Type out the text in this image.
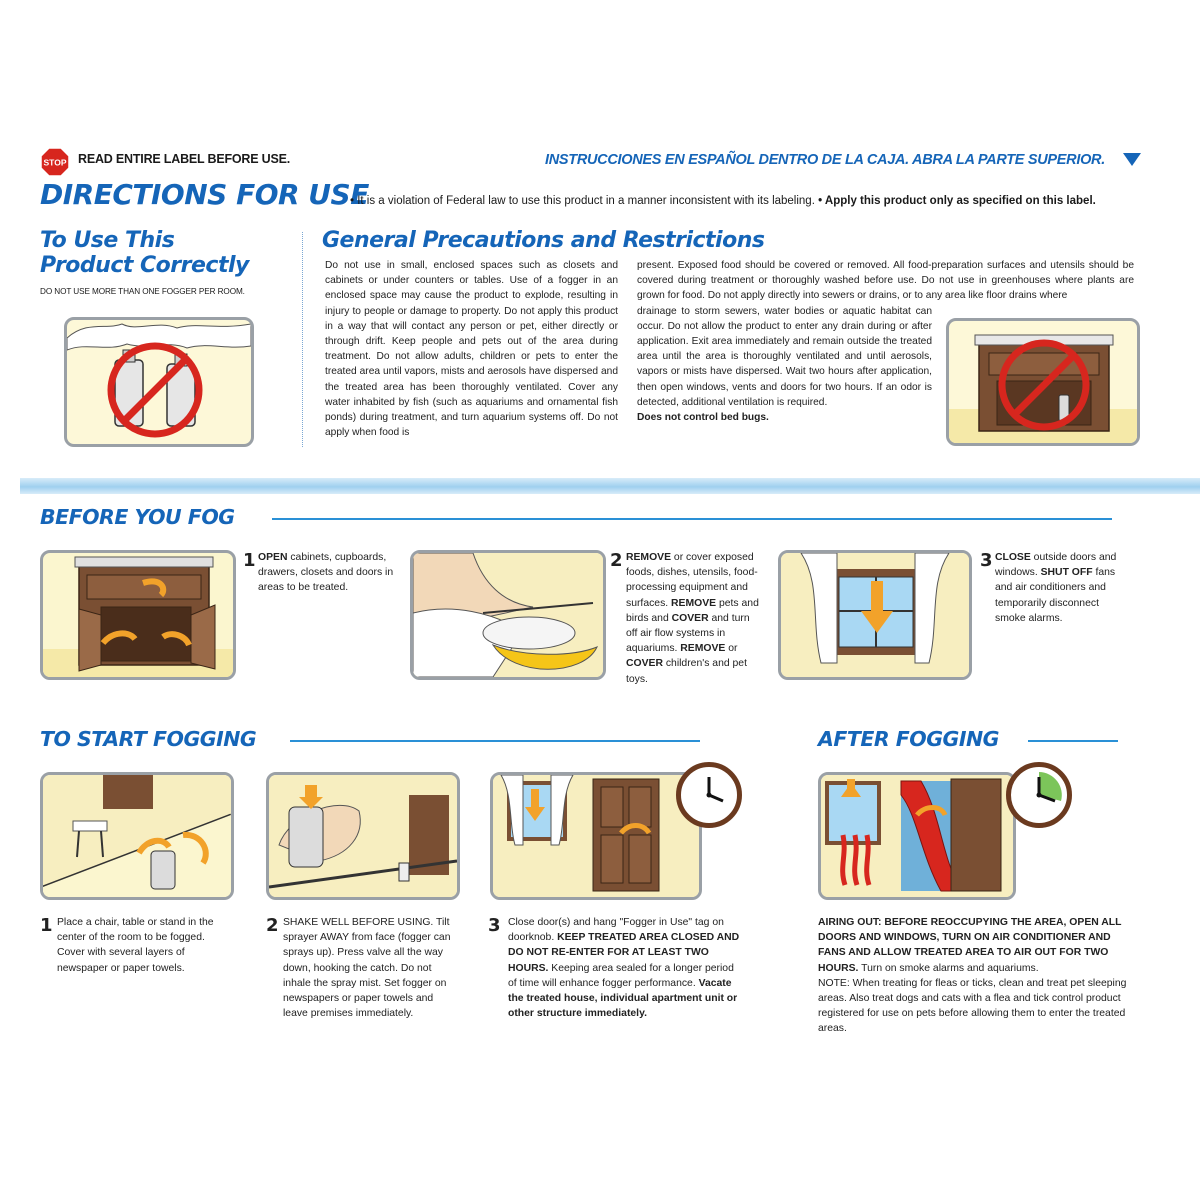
STOP READ ENTIRE LABEL BEFORE USE.	INSTRUCCIONES EN ESPAÑOL DENTRO DE LA CAJA. ABRA LA PARTE SUPERIOR.
DIRECTIONS FOR USE
• It is a violation of Federal law to use this product in a manner inconsistent with its labeling. • Apply this product only as specified on this label.
To Use This
Product Correctly
DO NOT USE MORE THAN ONE FOGGER PER ROOM.
General Precautions and Restrictions
Do not use in small, enclosed spaces such as closets and cabinets or under counters or tables. Use of a fogger in an enclosed space may cause the product to explode, resulting in injury to people or damage to property. Do not apply this product in a way that will contact any person or pet, either directly or through drift. Keep people and pets out of the area during treatment. Do not allow adults, children or pets to enter the treated area until vapors, mists and aerosols have dispersed and the treated area has been thoroughly ventilated. Cover any water inhabited by fish (such as aquariums and ornamental fish ponds) during treatment, and turn aquarium systems off. Do not apply when food is
present. Exposed food should be covered or removed. All food-preparation surfaces and utensils should be covered during treatment or thoroughly washed before use. Do not use in greenhouses where plants are grown for food. Do not apply directly into sewers or drains, or to any area like floor drains where
drainage to storm sewers, water bodies or aquatic habitat can occur. Do not allow the product to enter any drain during or after application. Exit area immediately and remain outside the treated area until the area is thoroughly ventilated and until aerosols, vapors or mists have dispersed. Wait two hours after application, then open windows, vents and doors for two hours. If an odor is detected, additional ventilation is required.
Does not control bed bugs.
BEFORE YOU FOG
1 OPEN cabinets, cupboards, drawers, closets and doors in areas to be treated.
2 REMOVE or cover exposed foods, dishes, utensils, food-processing equipment and surfaces. REMOVE pets and birds and COVER and turn off air flow systems in aquariums. REMOVE or COVER children's and pet toys.
3 CLOSE outside doors and windows. SHUT OFF fans and air conditioners and temporarily disconnect smoke alarms.
TO START FOGGING
1 Place a chair, table or stand in the center of the room to be fogged. Cover with several layers of newspaper or paper towels.
2 SHAKE WELL BEFORE USING. Tilt sprayer AWAY from face (fogger can sprays up). Press valve all the way down, hooking the catch. Do not inhale the spray mist. Set fogger on newspapers or paper towels and leave premises immediately.
3 Close door(s) and hang "Fogger in Use" tag on doorknob. KEEP TREATED AREA CLOSED AND DO NOT RE-ENTER FOR AT LEAST TWO HOURS. Keeping area sealed for a longer period of time will enhance fogger performance. Vacate the treated house, individual apartment unit or other structure immediately.
AFTER FOGGING
AIRING OUT: BEFORE REOCCUPYING THE AREA, OPEN ALL DOORS AND WINDOWS, TURN ON AIR CONDITIONER AND FANS AND ALLOW TREATED AREA TO AIR OUT FOR TWO HOURS. Turn on smoke alarms and aquariums.
NOTE: When treating for fleas or ticks, clean and treat pet sleeping areas. Also treat dogs and cats with a flea and tick control product registered for use on pets before allowing them to enter the treated areas.
